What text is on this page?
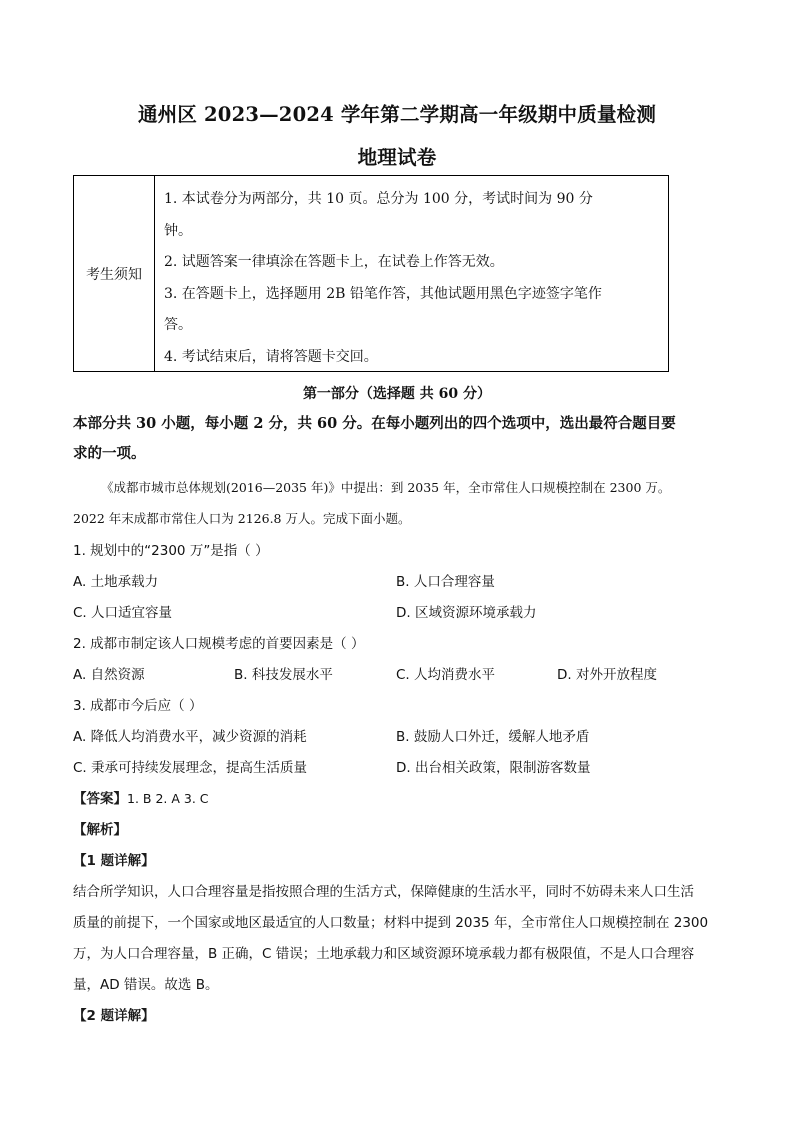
通州区 2023—2024 学年第二学期高一年级期中质量检测
地理试卷
考生须知
1. 本试卷分为两部分，共 10 页。总分为 100 分，考试时间为 90 分
钟。
2. 试题答案一律填涂在答题卡上，在试卷上作答无效。
3. 在答题卡上，选择题用 2B 铅笔作答，其他试题用黑色字迹签字笔作
答。
4. 考试结束后，请将答题卡交回。
第一部分（选择题 共 60 分）
本部分共 30 小题，每小题 2 分，共 60 分。在每小题列出的四个选项中，选出最符合题目要
求的一项。
《成都市城市总体规划(2016—2035 年)》中提出：到 2035 年，全市常住人口规模控制在 2300 万。
2022 年末成都市常住人口为 2126.8 万人。完成下面小题。
1. 规划中的“2300 万”是指（ ）
A. 土地承载力	B. 人口合理容量
C. 人口适宜容量	D. 区域资源环境承载力
2. 成都市制定该人口规模考虑的首要因素是（ ）
A. 自然资源	B. 科技发展水平	C. 人均消费水平	D. 对外开放程度
3. 成都市今后应（ ）
A. 降低人均消费水平，减少资源的消耗	B. 鼓励人口外迁，缓解人地矛盾
C. 秉承可持续发展理念，提高生活质量	D. 出台相关政策，限制游客数量
【答案】1. B 2. A 3. C
【解析】
【1 题详解】
结合所学知识，人口合理容量是指按照合理的生活方式，保障健康的生活水平，同时不妨碍未来人口生活
质量的前提下，一个国家或地区最适宜的人口数量；材料中提到 2035 年，全市常住人口规模控制在 2300
万，为人口合理容量，B 正确，C 错误；土地承载力和区域资源环境承载力都有极限值，不是人口合理容
量，AD 错误。故选 B。
【2 题详解】
